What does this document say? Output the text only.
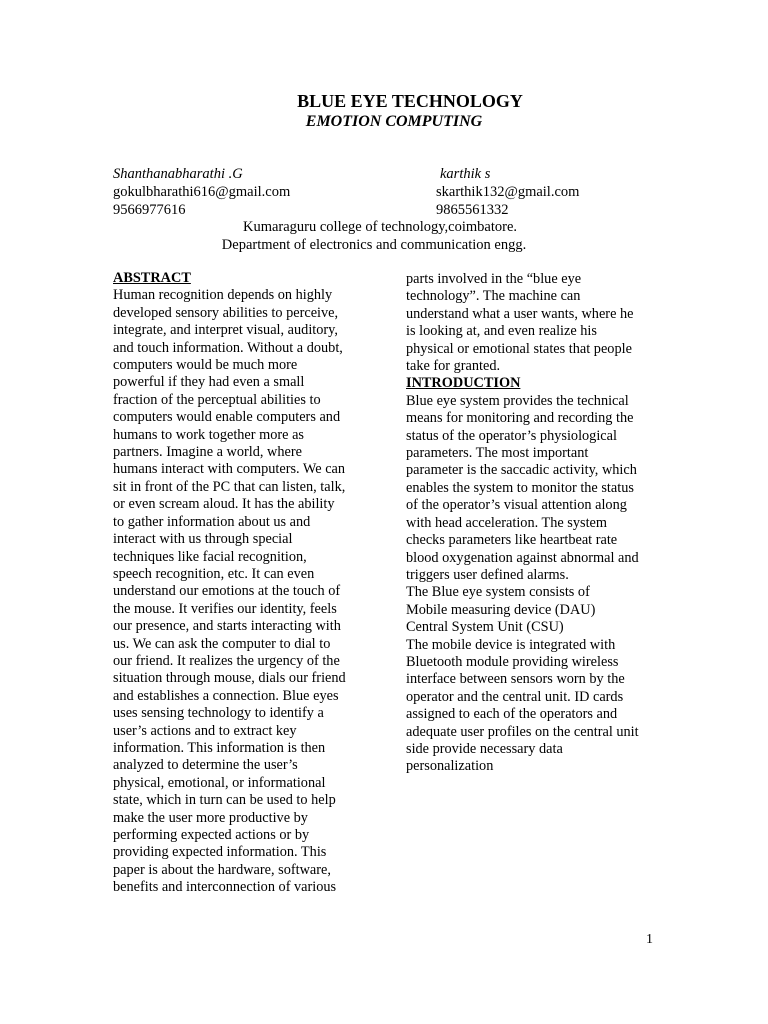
BLUE EYE TECHNOLOGY
EMOTION COMPUTING
Shanthanabharathi .G
gokulbharathi616@gmail.com
9566977616
karthik s
skarthik132@gmail.com
9865561332
Kumaraguru college of technology,coimbatore.
Department of electronics and communication engg.
ABSTRACT
Human recognition depends on highly
developed sensory abilities to perceive,
integrate, and interpret visual, auditory,
and touch information. Without a doubt,
computers would be much more
powerful if they had even a small
fraction of the perceptual abilities to
computers would enable computers and
humans to work together more as
partners. Imagine a world, where
humans interact with computers. We can
sit in front of the PC that can listen, talk,
or even scream aloud. It has the ability
to gather information about us and
interact with us through special
techniques like facial recognition,
speech recognition, etc. It can even
understand our emotions at the touch of
the mouse. It verifies our identity, feels
our presence, and starts interacting with
us. We can ask the computer to dial to
our friend. It realizes the urgency of the
situation through mouse, dials our friend
and establishes a connection. Blue eyes
uses sensing technology to identify a
user’s actions and to extract key
information. This information is then
analyzed to determine the user’s
physical, emotional, or informational
state, which in turn can be used to help
make the user more productive by
performing expected actions or by
providing expected information. This
paper is about the hardware, software,
benefits and interconnection of various
parts involved in the “blue eye
technology”. The machine can
understand what a user wants, where he
is looking at, and even realize his
physical or emotional states that people
take for granted.
INTRODUCTION
Blue eye system provides the technical
means for monitoring and recording the
status of the operator’s physiological
parameters. The most important
parameter is the saccadic activity, which
enables the system to monitor the status
of the operator’s visual attention along
with head acceleration. The system
checks parameters like heartbeat rate
blood oxygenation against abnormal and
triggers user defined alarms.
The Blue eye system consists of
Mobile measuring device (DAU)
Central System Unit (CSU)
The mobile device is integrated with
Bluetooth module providing wireless
interface between sensors worn by the
operator and the central unit. ID cards
assigned to each of the operators and
adequate user profiles on the central unit
side provide necessary data
personalization
1
